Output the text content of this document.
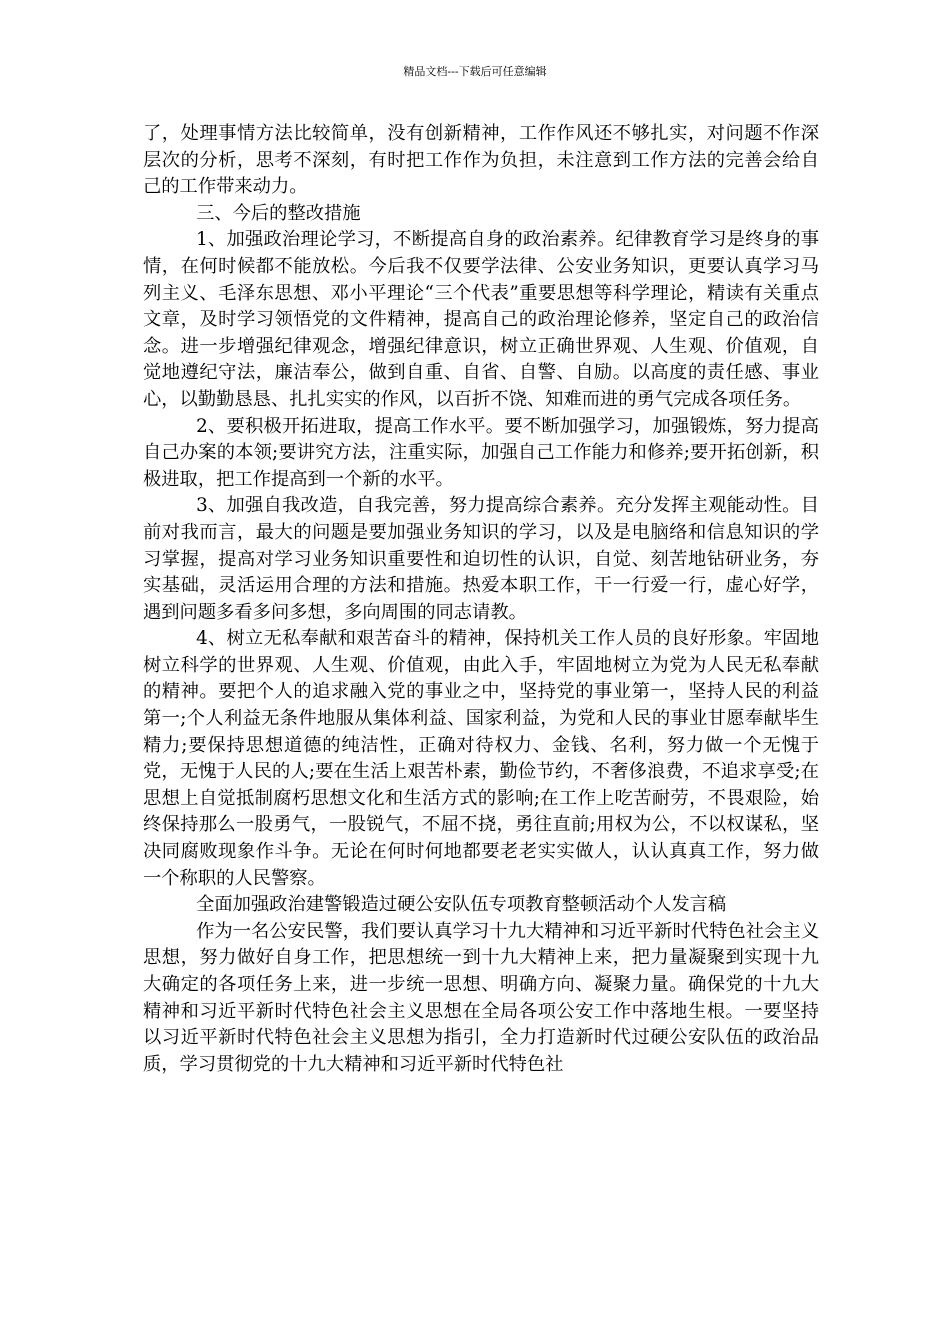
精品文档---下载后可任意编辑

了，处理事情方法比较简单，没有创新精神，工作作风还不够扎实，对问题不作深层次的分析，思考不深刻，有时把工作作为负担，未注意到工作方法的完善会给自己的工作带来动力。

三、今后的整改措施

1、加强政治理论学习，不断提高自身的政治素养。纪律教育学习是终身的事情，在何时候都不能放松。今后我不仅要学法律、公安业务知识，更要认真学习马列主义、毛泽东思想、邓小平理论“三个代表”重要思想等科学理论，精读有关重点文章，及时学习领悟党的文件精神，提高自己的政治理论修养，坚定自己的政治信念。进一步增强纪律观念，增强纪律意识，树立正确世界观、人生观、价值观，自觉地遵纪守法，廉洁奉公，做到自重、自省、自警、自励。以高度的责任感、事业心，以勤勤恳恳、扎扎实实的作风，以百折不饶、知难而进的勇气完成各项任务。

2、要积极开拓进取，提高工作水平。要不断加强学习，加强锻炼，努力提高自己办案的本领;要讲究方法，注重实际，加强自己工作能力和修养;要开拓创新，积极进取，把工作提高到一个新的水平。

3、加强自我改造，自我完善，努力提高综合素养。充分发挥主观能动性。目前对我而言，最大的问题是要加强业务知识的学习，以及是电脑络和信息知识的学习掌握，提高对学习业务知识重要性和迫切性的认识，自觉、刻苦地钻研业务，夯实基础，灵活运用合理的方法和措施。热爱本职工作，干一行爱一行，虚心好学，遇到问题多看多问多想，多向周围的同志请教。

4、树立无私奉献和艰苦奋斗的精神，保持机关工作人员的良好形象。牢固地树立科学的世界观、人生观、价值观，由此入手，牢固地树立为党为人民无私奉献的精神。要把个人的追求融入党的事业之中，坚持党的事业第一，坚持人民的利益第一;个人利益无条件地服从集体利益、国家利益，为党和人民的事业甘愿奉献毕生精力;要保持思想道德的纯洁性，正确对待权力、金钱、名利，努力做一个无愧于党，无愧于人民的人;要在生活上艰苦朴素，勤俭节约，不奢侈浪费，不追求享受;在思想上自觉抵制腐朽思想文化和生活方式的影响;在工作上吃苦耐劳，不畏艰险，始终保持那么一股勇气，一股锐气，不屈不挠，勇往直前;用权为公，不以权谋私，坚决同腐败现象作斗争。无论在何时何地都要老老实实做人，认认真真工作，努力做一个称职的人民警察。

全面加强政治建警锻造过硬公安队伍专项教育整顿活动个人发言稿

作为一名公安民警，我们要认真学习十九大精神和习近平新时代特色社会主义思想，努力做好自身工作，把思想统一到十九大精神上来，把力量凝聚到实现十九大确定的各项任务上来，进一步统一思想、明确方向、凝聚力量。确保党的十九大精神和习近平新时代特色社会主义思想在全局各项公安工作中落地生根。一要坚持以习近平新时代特色社会主义思想为指引，全力打造新时代过硬公安队伍的政治品质，学习贯彻党的十九大精神和习近平新时代特色社
